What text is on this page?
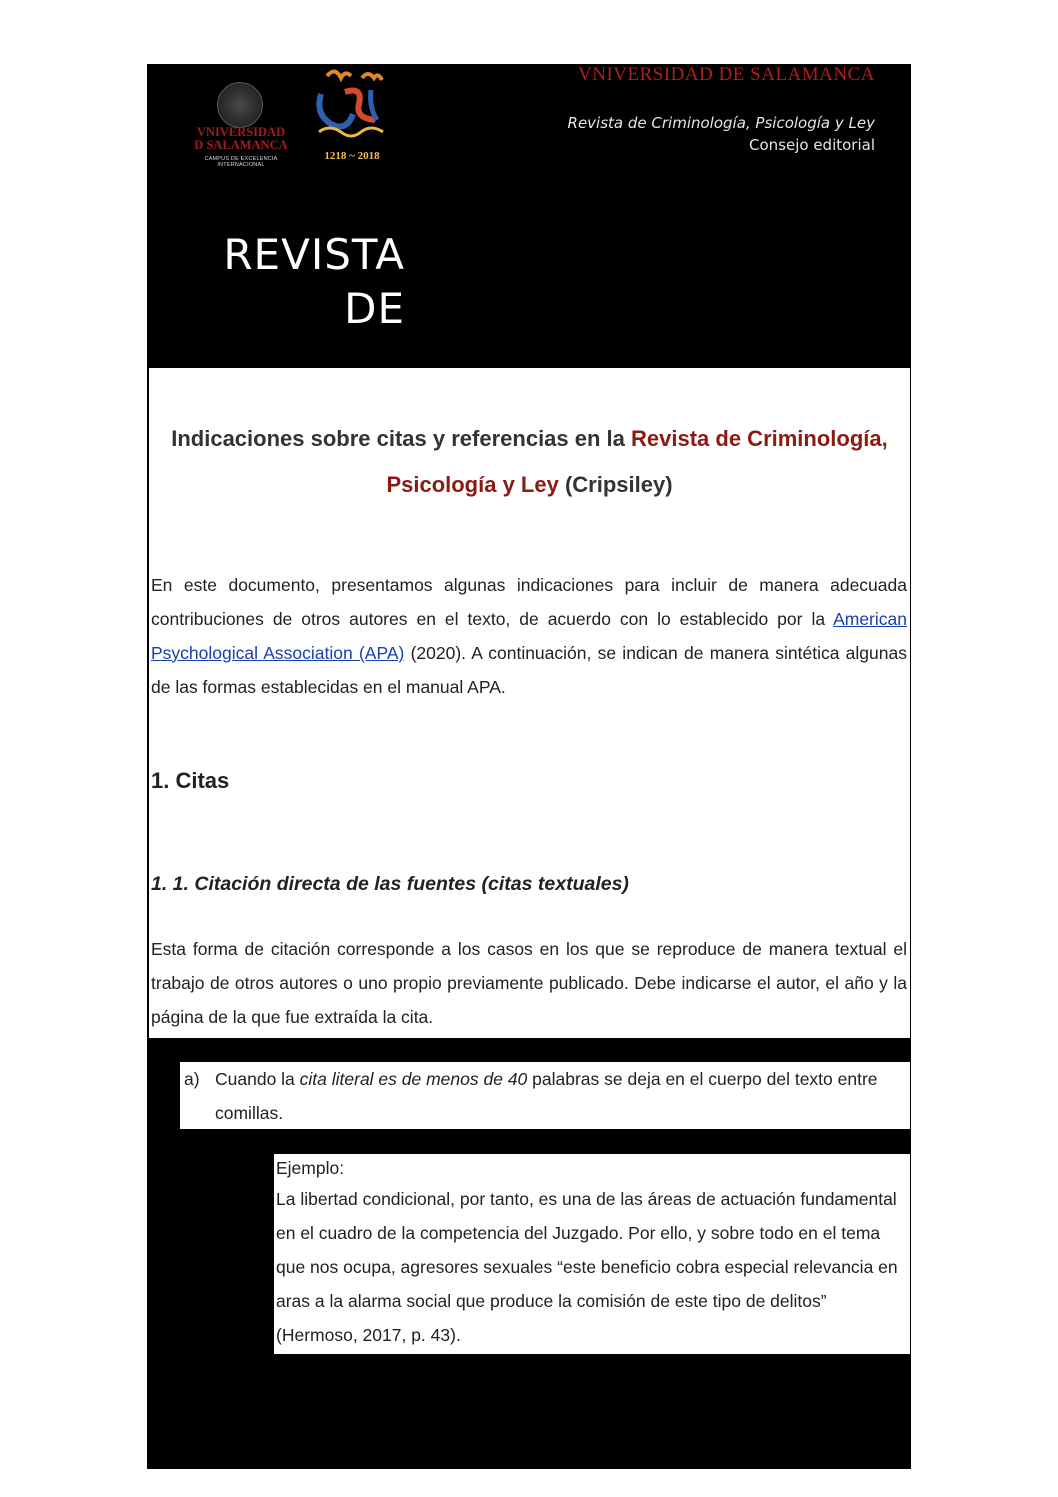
VNIVERSIDAD
D SALAMANCA
CAMPUS DE EXCELENCIA INTERNACIONAL
1218 ~ 2018
VNIVERSIDAD DE SALAMANCA
Revista de Criminología, Psicología y Ley
Consejo editorial
REVISTA
DE
Indicaciones sobre citas y referencias en la Revista de Criminología, Psicología y Ley (Cripsiley)
En este documento, presentamos algunas indicaciones para incluir de manera adecuada contribuciones de otros autores en el texto, de acuerdo con lo establecido por la American Psychological Association (APA) (2020). A continuación, se indican de manera sintética algunas de las formas establecidas en el manual APA.
1. Citas
1. 1. Citación directa de las fuentes (citas textuales)
Esta forma de citación corresponde a los casos en los que se reproduce de manera textual el trabajo de otros autores o uno propio previamente publicado. Debe indicarse el autor, el año y la página de la que fue extraída la cita.
a) Cuando la cita literal es de menos de 40 palabras se deja en el cuerpo del texto entre comillas.
Ejemplo:
La libertad condicional, por tanto, es una de las áreas de actuación fundamental en el cuadro de la competencia del Juzgado. Por ello, y sobre todo en el tema que nos ocupa, agresores sexuales “este beneficio cobra especial relevancia en aras a la alarma social que produce la comisión de este tipo de delitos” (Hermoso, 2017, p. 43).
